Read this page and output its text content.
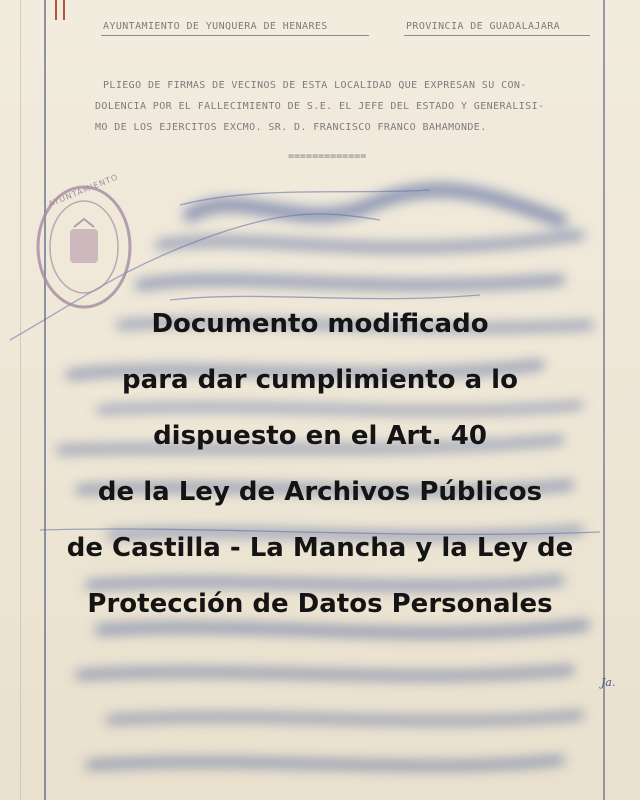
AYUNTAMIENTO DE YUNQUERA DE HENARES	PROVINCIA DE GUADALAJARA
PLIEGO DE FIRMAS DE VECINOS DE ESTA LOCALIDAD QUE EXPRESAN SU CON-
DOLENCIA POR EL FALLECIMIENTO DE S.E. EL JEFE DEL ESTADO Y GENERALISI-
MO DE LOS EJERCITOS EXCMO. SR. D. FRANCISCO FRANCO BAHAMONDE.
=============
AYUNTAMIENTO
Documento modificado
para dar cumplimiento a lo
dispuesto en el Art. 40
de la Ley de Archivos Públicos
de Castilla - La Mancha y la Ley de
Protección de Datos Personales
Ja.
